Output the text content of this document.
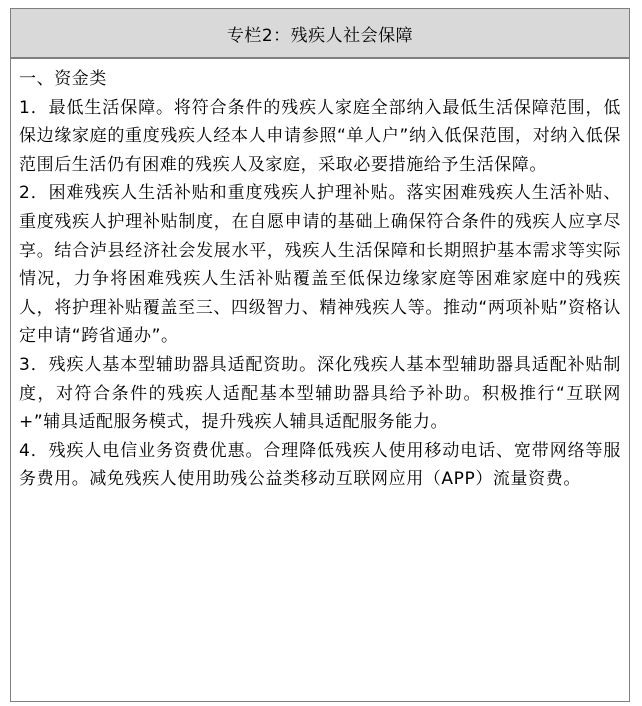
专栏2：残疾人社会保障

一、资金类

1．最低生活保障。将符合条件的残疾人家庭全部纳入最低生活保障范围，低保边缘家庭的重度残疾人经本人申请参照“单人户”纳入低保范围，对纳入低保范围后生活仍有困难的残疾人及家庭，采取必要措施给予生活保障。

2．困难残疾人生活补贴和重度残疾人护理补贴。落实困难残疾人生活补贴、重度残疾人护理补贴制度，在自愿申请的基础上确保符合条件的残疾人应享尽享。结合泸县经济社会发展水平，残疾人生活保障和长期照护基本需求等实际情况，力争将困难残疾人生活补贴覆盖至低保边缘家庭等困难家庭中的残疾人，将护理补贴覆盖至三、四级智力、精神残疾人等。推动“两项补贴”资格认定申请“跨省通办”。

3．残疾人基本型辅助器具适配资助。深化残疾人基本型辅助器具适配补贴制度，对符合条件的残疾人适配基本型辅助器具给予补助。积极推行“互联网+”辅具适配服务模式，提升残疾人辅具适配服务能力。

4．残疾人电信业务资费优惠。合理降低残疾人使用移动电话、宽带网络等服务费用。减免残疾人使用助残公益类移动互联网应用（APP）流量资费。
